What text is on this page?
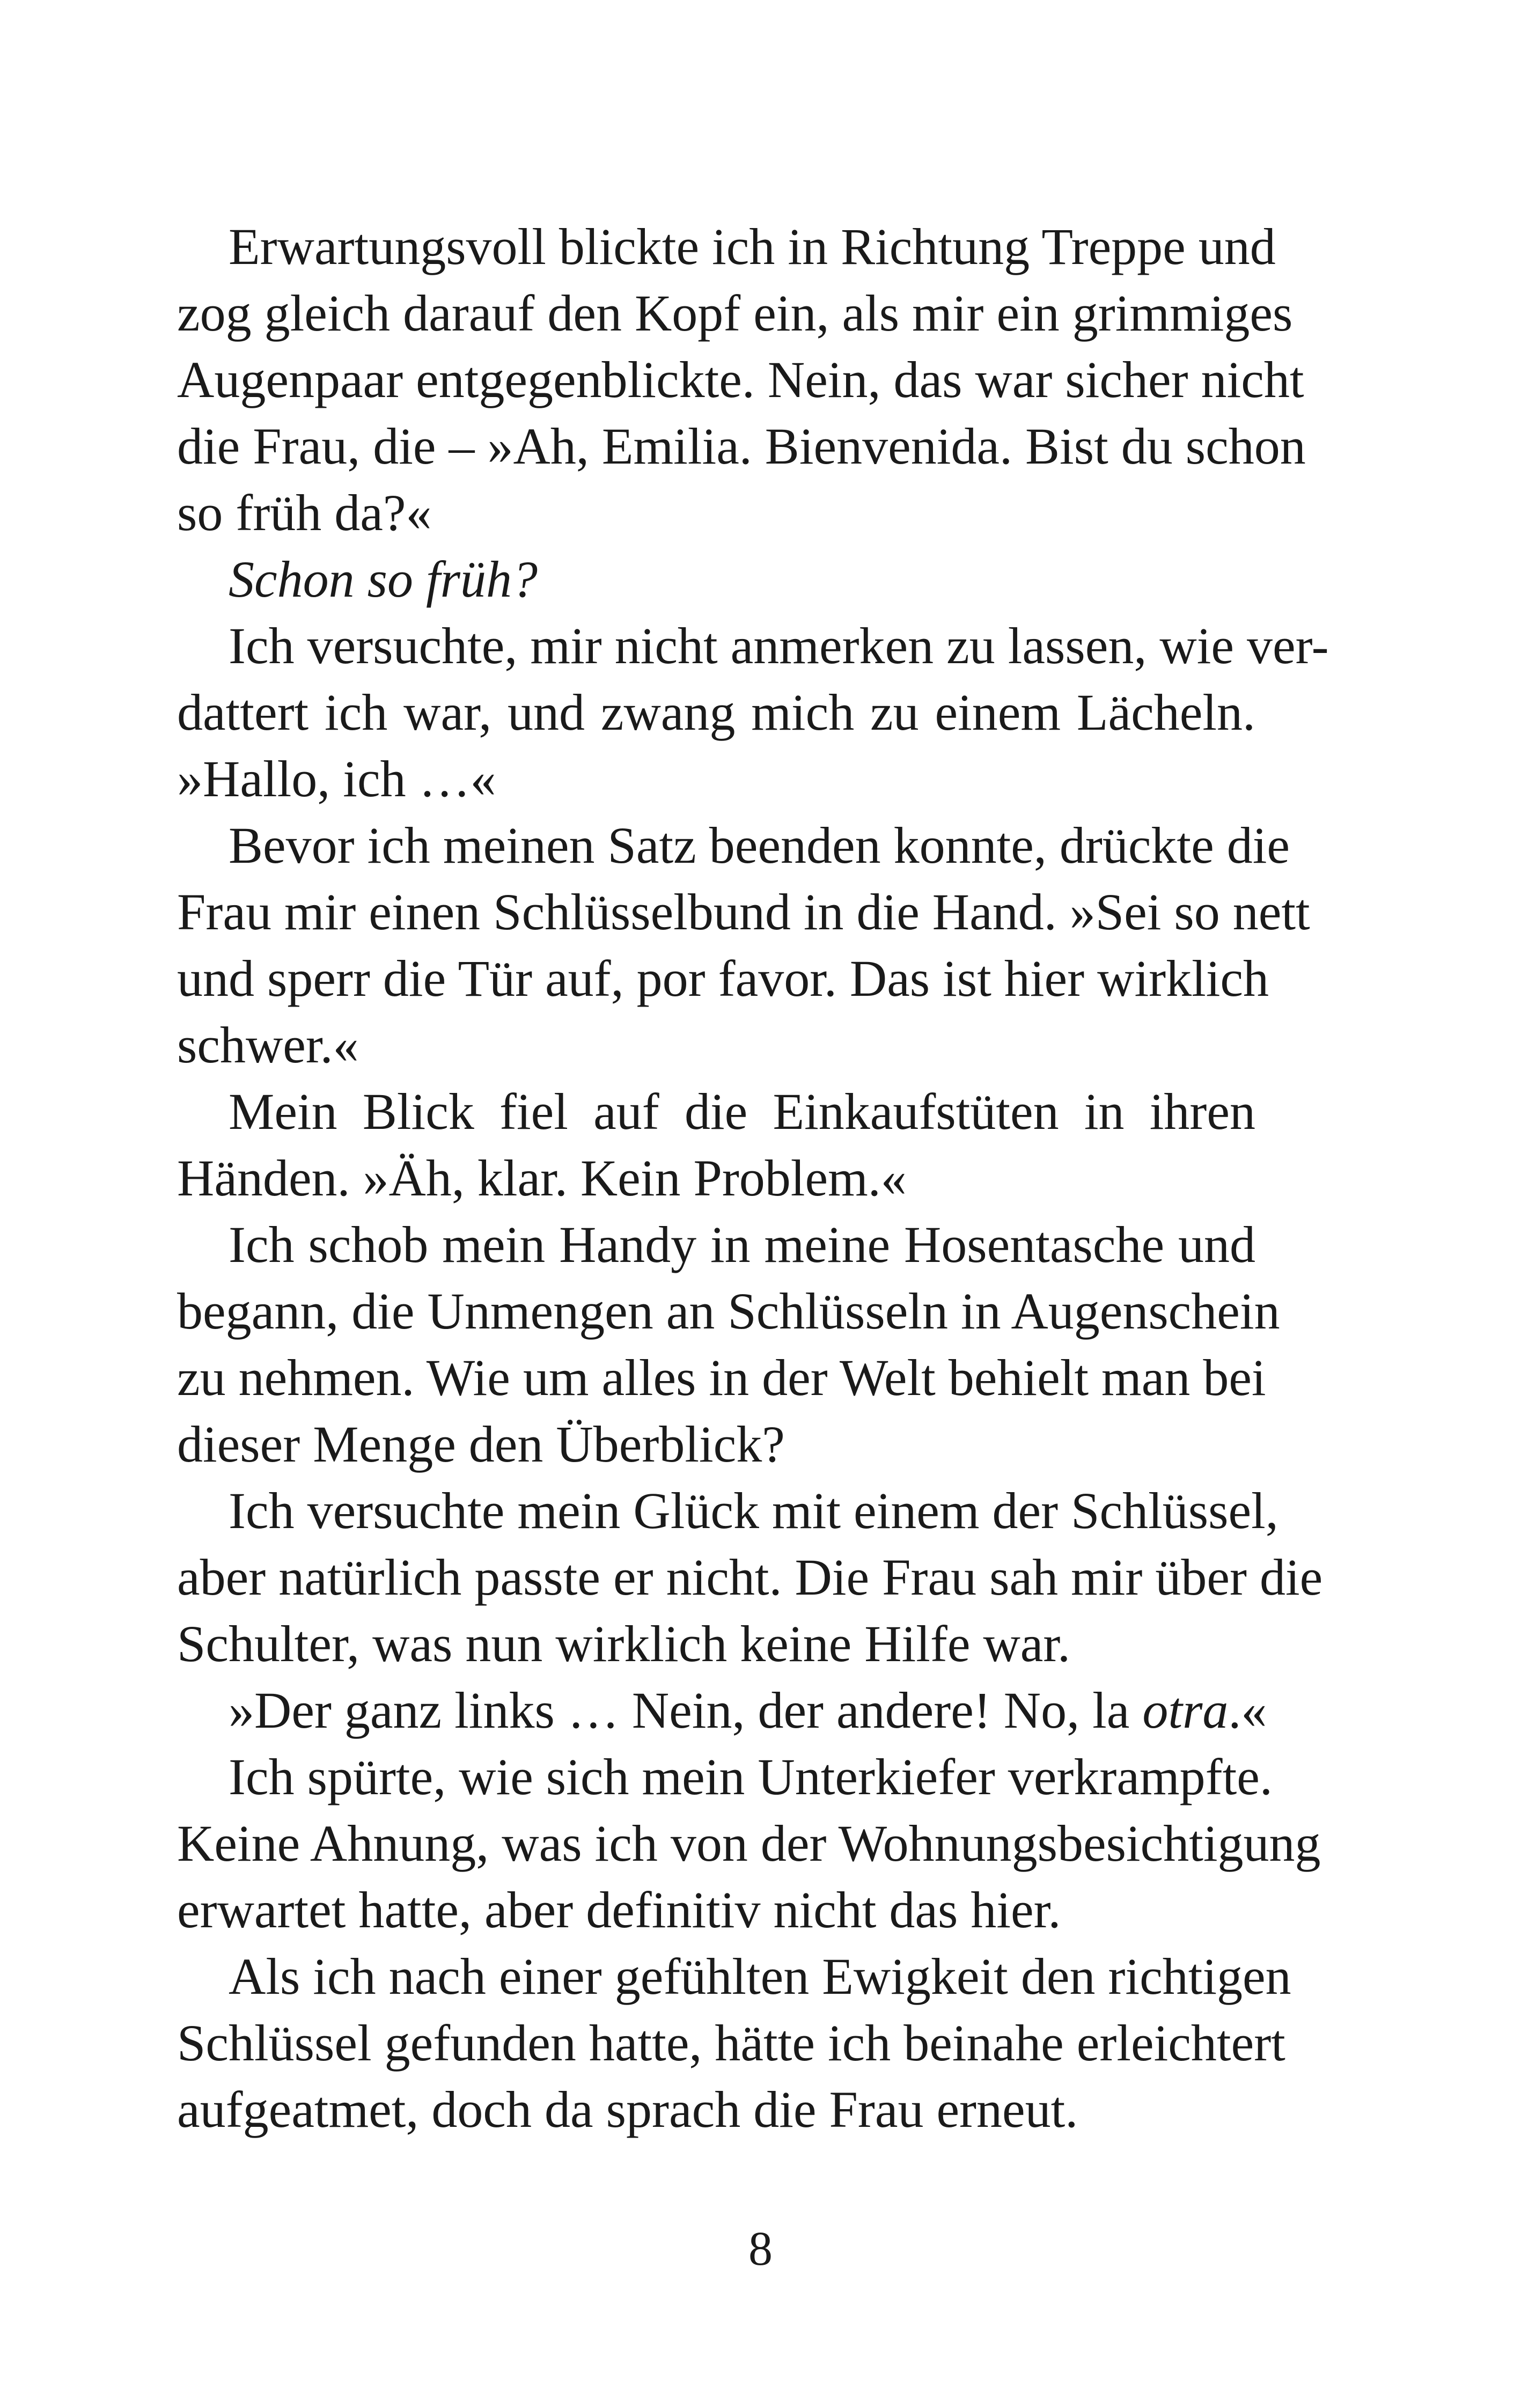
Erwartungsvoll blickte ich in Richtung Treppe und
zog gleich darauf den Kopf ein, als mir ein grimmiges
Augenpaar entgegenblickte. Nein, das war sicher nicht
die Frau, die – »Ah, Emilia. Bienvenida. Bist du schon
so früh da?«
Schon so früh?
Ich versuchte, mir nicht anmerken zu lassen, wie ver-
dattert ich war, und zwang mich zu einem Lächeln.
»Hallo, ich …«
Bevor ich meinen Satz beenden konnte, drückte die
Frau mir einen Schlüsselbund in die Hand. »Sei so nett
und sperr die Tür auf, por favor. Das ist hier wirklich
schwer.«
Mein Blick fiel auf die Einkaufstüten in ihren
Händen. »Äh, klar. Kein Problem.«
Ich schob mein Handy in meine Hosentasche und
begann, die Unmengen an Schlüsseln in Augenschein
zu nehmen. Wie um alles in der Welt behielt man bei
dieser Menge den Überblick?
Ich versuchte mein Glück mit einem der Schlüssel,
aber natürlich passte er nicht. Die Frau sah mir über die
Schulter, was nun wirklich keine Hilfe war.
»Der ganz links … Nein, der andere! No, la otra.«
Ich spürte, wie sich mein Unterkiefer verkrampfte.
Keine Ahnung, was ich von der Wohnungsbesichtigung
erwartet hatte, aber definitiv nicht das hier.
Als ich nach einer gefühlten Ewigkeit den richtigen
Schlüssel gefunden hatte, hätte ich beinahe erleichtert
aufgeatmet, doch da sprach die Frau erneut.
8
